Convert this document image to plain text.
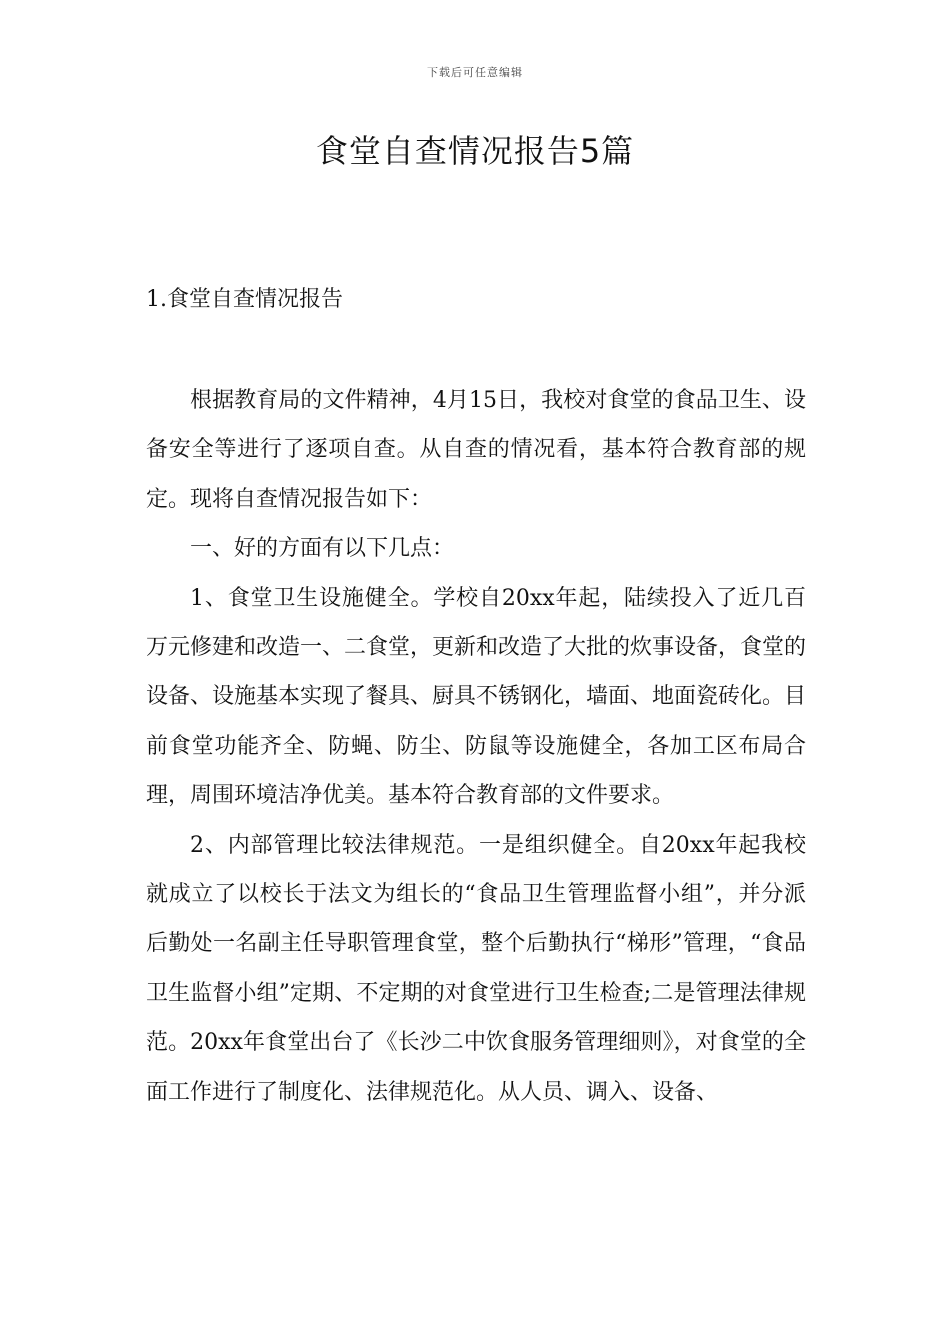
下载后可任意编辑
食堂自查情况报告5篇
1.食堂自查情况报告

根据教育局的文件精神，4月15日，我校对食堂的食品卫生、设备安全等进行了逐项自查。从自查的情况看，基本符合教育部的规定。现将自查情况报告如下：

一、好的方面有以下几点：

1、食堂卫生设施健全。学校自20xx年起，陆续投入了近几百万元修建和改造一、二食堂，更新和改造了大批的炊事设备，食堂的设备、设施基本实现了餐具、厨具不锈钢化，墙面、地面瓷砖化。目前食堂功能齐全、防蝇、防尘、防鼠等设施健全，各加工区布局合理，周围环境洁净优美。基本符合教育部的文件要求。

2、内部管理比较法律规范。一是组织健全。自20xx年起我校就成立了以校长于法文为组长的“食品卫生管理监督小组”，并分派后勤处一名副主任导职管理食堂，整个后勤执行“梯形”管理，“食品卫生监督小组”定期、不定期的对食堂进行卫生检查;二是管理法律规范。20xx年食堂出台了《长沙二中饮食服务管理细则》，对食堂的全面工作进行了制度化、法律规范化。从人员、调入、设备、
